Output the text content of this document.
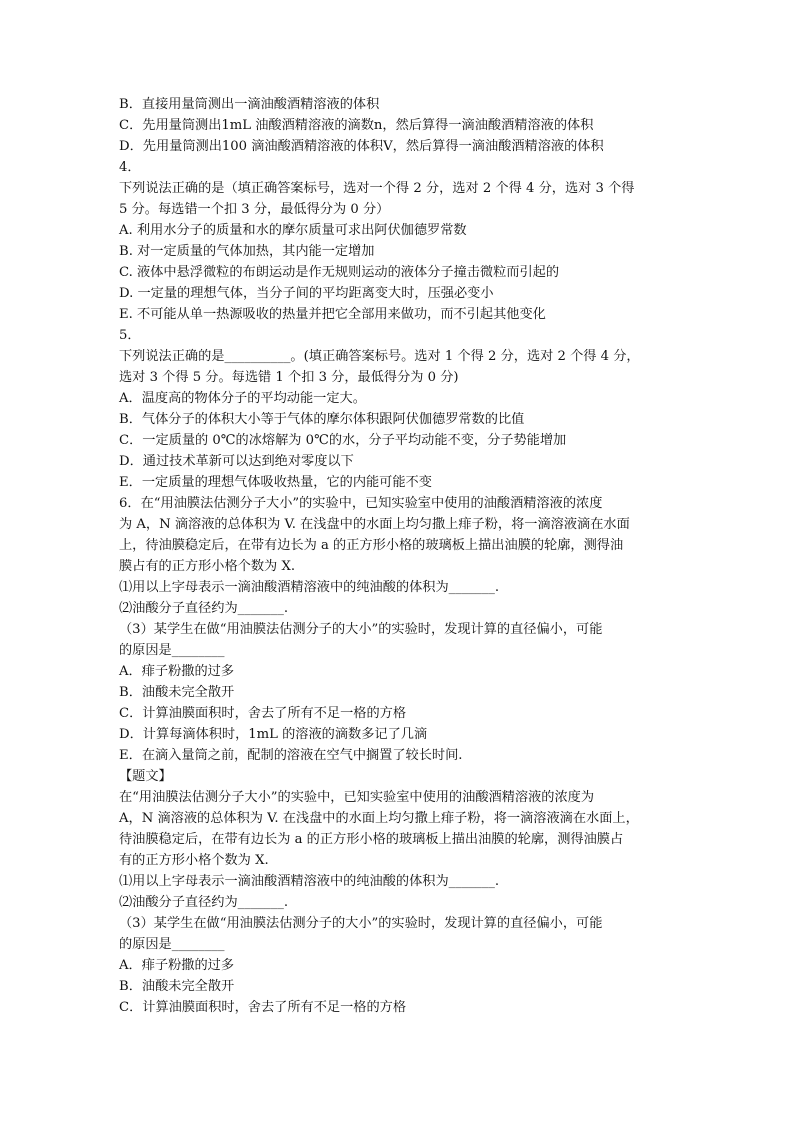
B．直接用量筒测出一滴油酸酒精溶液的体积
C．先用量筒测出1mL 油酸酒精溶液的滴数n，然后算得一滴油酸酒精溶液的体积
D．先用量筒测出100 滴油酸酒精溶液的体积V，然后算得一滴油酸酒精溶液的体积
4．
下列说法正确的是（填正确答案标号，选对一个得 2 分，选对 2 个得 4 分，选对 3 个得
5 分。每选错一个扣 3 分，最低得分为 0 分）
A. 利用水分子的质量和水的摩尔质量可求出阿伏伽德罗常数
B. 对一定质量的气体加热，其内能一定增加
C. 液体中悬浮微粒的布朗运动是作无规则运动的液体分子撞击微粒而引起的
D. 一定量的理想气体，当分子间的平均距离变大时，压强必变小
E. 不可能从单一热源吸收的热量并把它全部用来做功，而不引起其他变化
5．
下列说法正确的是__________。(填正确答案标号。选对 1 个得 2 分，选对 2 个得 4 分，
选对 3 个得 5 分。每选错 1 个扣 3 分，最低得分为 0 分)
A．温度高的物体分子的平均动能一定大。
B．气体分子的体积大小等于气体的摩尔体积跟阿伏伽德罗常数的比值
C．一定质量的 0℃的冰熔解为 0℃的水，分子平均动能不变，分子势能增加
D．通过技术革新可以达到绝对零度以下
E．一定质量的理想气体吸收热量，它的内能可能不变
6．在“用油膜法估测分子大小”的实验中，已知实验室中使用的油酸酒精溶液的浓度
为 A，N 滴溶液的总体积为 V. 在浅盘中的水面上均匀撒上痱子粉，将一滴溶液滴在水面
上，待油膜稳定后，在带有边长为 a 的正方形小格的玻璃板上描出油膜的轮廓，测得油
膜占有的正方形小格个数为 X.
⑴用以上字母表示一滴油酸酒精溶液中的纯油酸的体积为_______.
⑵油酸分子直径约为_______.
（3）某学生在做“用油膜法估测分子的大小”的实验时，发现计算的直径偏小，可能
的原因是________
A．痱子粉撒的过多
B．油酸未完全散开
C．计算油膜面积时，舍去了所有不足一格的方格
D．计算每滴体积时，1mL 的溶液的滴数多记了几滴
E．在滴入量筒之前，配制的溶液在空气中搁置了较长时间.
【题文】
在“用油膜法估测分子大小”的实验中，已知实验室中使用的油酸酒精溶液的浓度为
A，N 滴溶液的总体积为 V. 在浅盘中的水面上均匀撒上痱子粉，将一滴溶液滴在水面上，
待油膜稳定后，在带有边长为 a 的正方形小格的玻璃板上描出油膜的轮廓，测得油膜占
有的正方形小格个数为 X.
⑴用以上字母表示一滴油酸酒精溶液中的纯油酸的体积为_______.
⑵油酸分子直径约为_______.
（3）某学生在做“用油膜法估测分子的大小”的实验时，发现计算的直径偏小，可能
的原因是________
A．痱子粉撒的过多
B．油酸未完全散开
C．计算油膜面积时，舍去了所有不足一格的方格
